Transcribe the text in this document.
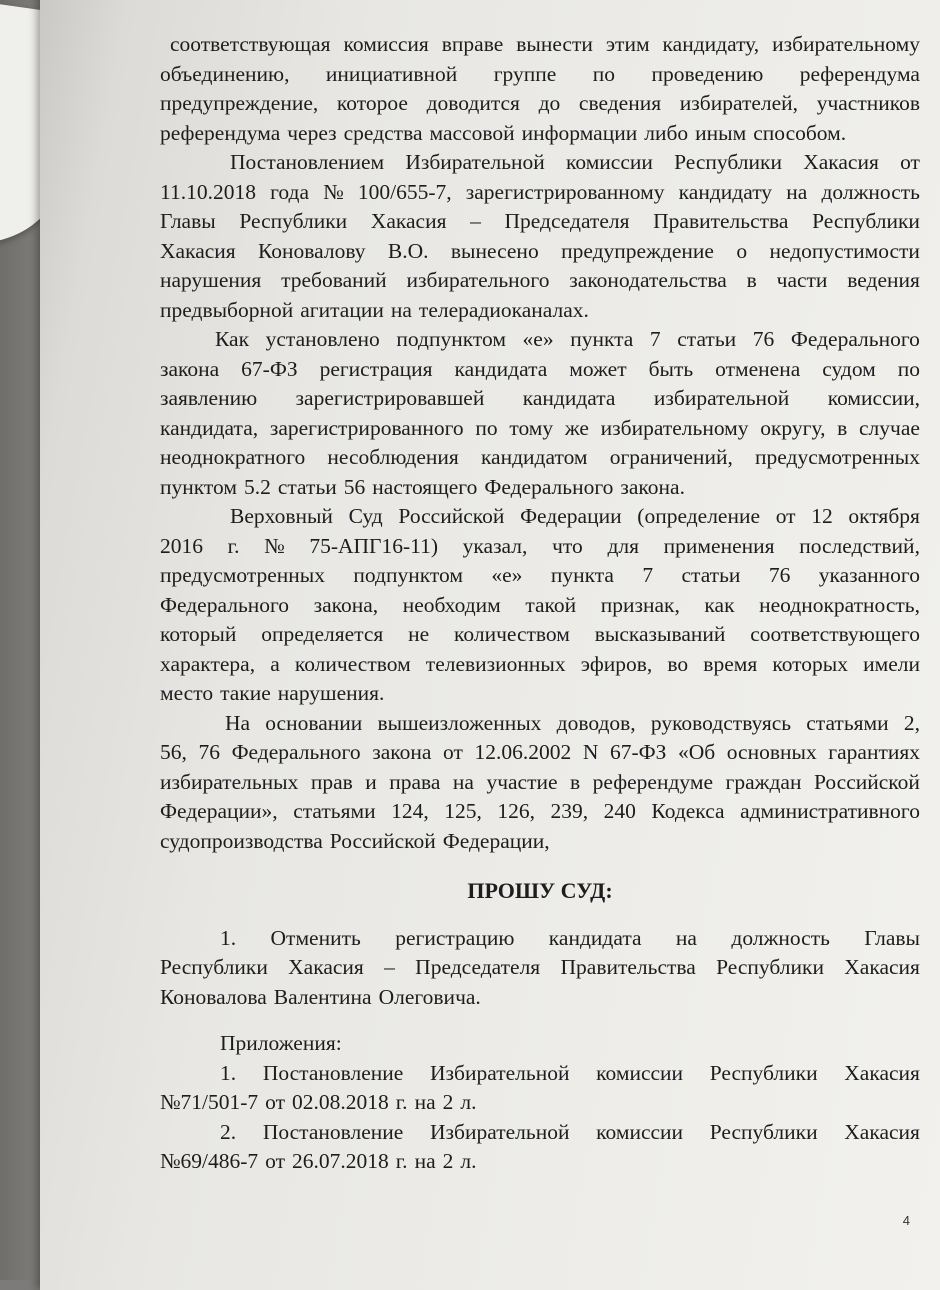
соответствующая комиссия вправе вынести этим кандидату, избирательному
объединению, инициативной группе по проведению референдума
предупреждение, которое доводится до сведения избирателей, участников
референдума через средства массовой информации либо иным способом.
Постановлением Избирательной комиссии Республики Хакасия от
11.10.2018 года № 100/655-7, зарегистрированному кандидату на должность
Главы Республики Хакасия – Председателя Правительства Республики
Хакасия Коновалову В.О. вынесено предупреждение о недопустимости
нарушения требований избирательного законодательства в части ведения
предвыборной агитации на телерадиоканалах.
Как установлено подпунктом «е» пункта 7 статьи 76 Федерального
закона 67-ФЗ регистрация кандидата может быть отменена судом по
заявлению зарегистрировавшей кандидата избирательной комиссии,
кандидата, зарегистрированного по тому же избирательному округу, в случае
неоднократного несоблюдения кандидатом ограничений, предусмотренных
пунктом 5.2 статьи 56 настоящего Федерального закона.
Верховный Суд Российской Федерации (определение от 12 октября
2016 г. № 75-АПГ16-11) указал, что для применения последствий,
предусмотренных подпунктом «е» пункта 7 статьи 76 указанного
Федерального закона, необходим такой признак, как неоднократность,
который определяется не количеством высказываний соответствующего
характера, а количеством телевизионных эфиров, во время которых имели
место такие нарушения.
На основании вышеизложенных доводов, руководствуясь статьями 2,
56, 76 Федерального закона от 12.06.2002 N 67-ФЗ «Об основных гарантиях
избирательных прав и права на участие в референдуме граждан Российской
Федерации», статьями 124, 125, 126, 239, 240 Кодекса административного
судопроизводства Российской Федерации,
ПРОШУ СУД:
1. Отменить регистрацию кандидата на должность Главы
Республики Хакасия – Председателя Правительства Республики Хакасия
Коновалова Валентина Олеговича.
Приложения:
1. Постановление Избирательной комиссии Республики Хакасия
№71/501-7 от 02.08.2018 г. на 2 л.
2. Постановление Избирательной комиссии Республики Хакасия
№69/486-7 от 26.07.2018 г. на 2 л.
4
